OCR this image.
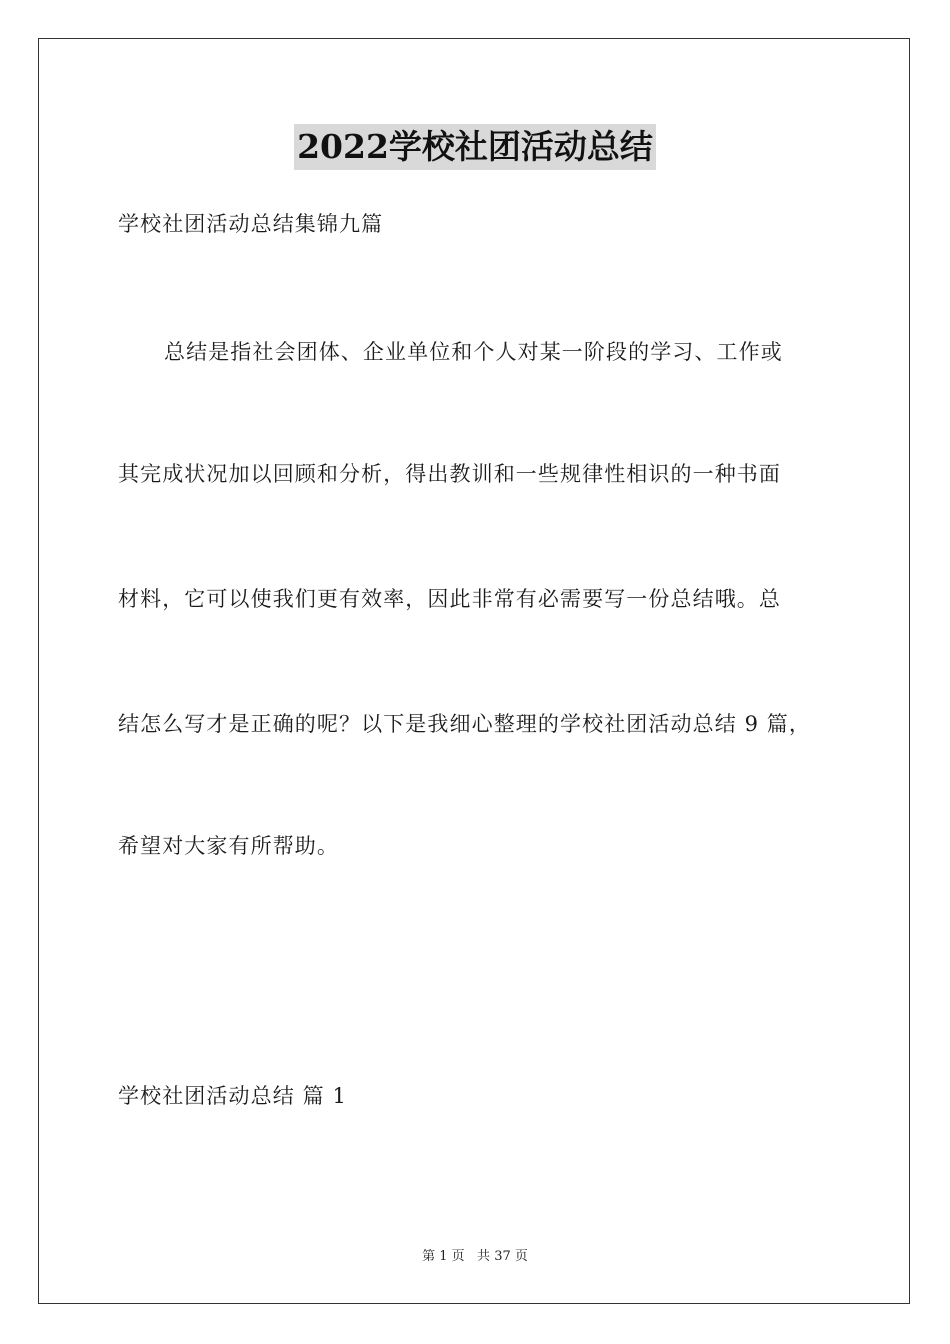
2022学校社团活动总结
学校社团活动总结集锦九篇
总结是指社会团体、企业单位和个人对某一阶段的学习、工作或
其完成状况加以回顾和分析，得出教训和一些规律性相识的一种书面
材料，它可以使我们更有效率，因此非常有必需要写一份总结哦。总
结怎么写才是正确的呢？以下是我细心整理的学校社团活动总结 9 篇，
希望对大家有所帮助。
学校社团活动总结 篇 1
第 1 页   共 37 页
